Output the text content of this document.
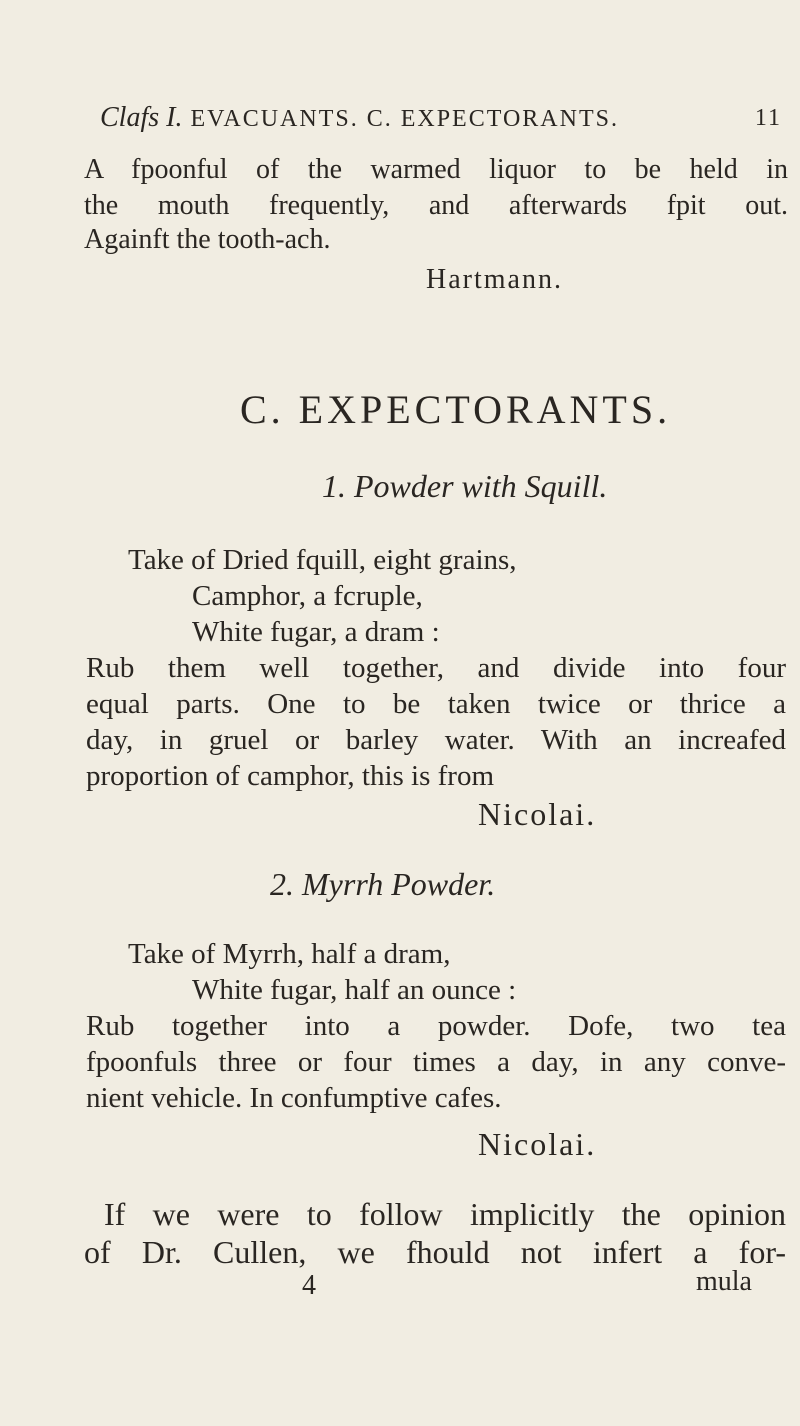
Clafs I. EVACUANTS. C. EXPECTORANTS.	11
A fpoonful of the warmed liquor to be held in
the mouth frequently, and afterwards fpit out.
Againft the tooth-ach.
Hartmann.
C. EXPECTORANTS.
1. Powder with Squill.
Take of Dried fquill, eight grains,
Camphor, a fcruple,
White fugar, a dram :
Rub them well together, and divide into four
equal parts. One to be taken twice or thrice a
day, in gruel or barley water. With an increafed
proportion of camphor, this is from
Nicolai.
2. Myrrh Powder.
Take of Myrrh, half a dram,
White fugar, half an ounce :
Rub together into a powder. Dofe, two tea
fpoonfuls three or four times a day, in any conve-
nient vehicle. In confumptive cafes.
Nicolai.
If we were to follow implicitly the opinion
of Dr. Cullen, we fhould not infert a for-
4	mula
